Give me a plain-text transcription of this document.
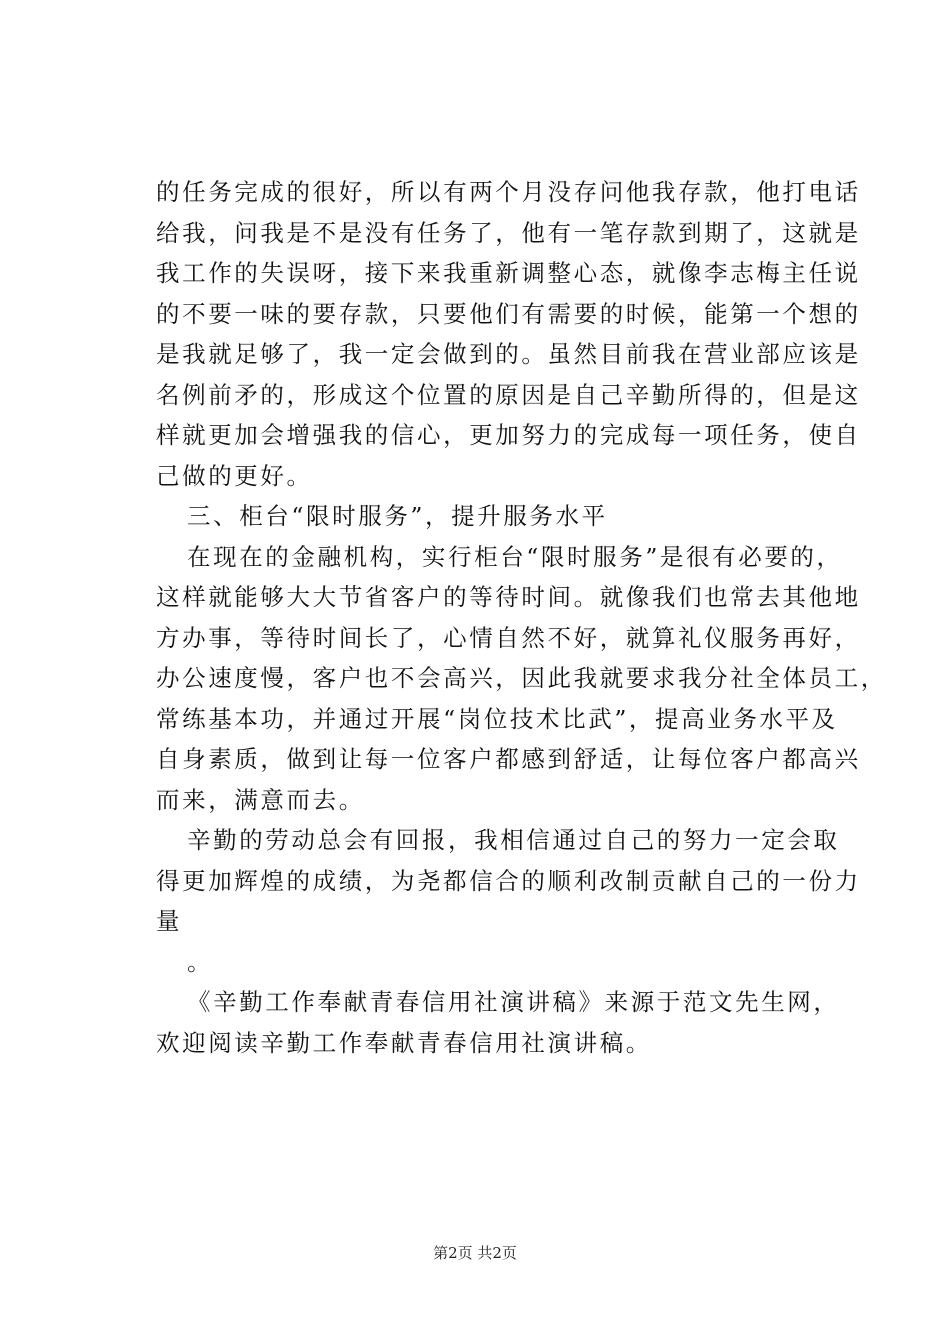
的任务完成的很好，所以有两个月没存问他我存款，他打电话
给我，问我是不是没有任务了，他有一笔存款到期了，这就是
我工作的失误呀，接下来我重新调整心态，就像李志梅主任说
的不要一味的要存款，只要他们有需要的时候，能第一个想的
是我就足够了，我一定会做到的。虽然目前我在营业部应该是
名例前矛的，形成这个位置的原因是自己辛勤所得的，但是这
样就更加会增强我的信心，更加努力的完成每一项任务，使自
己做的更好。
三、柜台“限时服务”，提升服务水平
在现在的金融机构，实行柜台“限时服务”是很有必要的，
这样就能够大大节省客户的等待时间。就像我们也常去其他地
方办事，等待时间长了，心情自然不好，就算礼仪服务再好，
办公速度慢，客户也不会高兴，因此我就要求我分社全体员工，
常练基本功，并通过开展“岗位技术比武”，提高业务水平及
自身素质，做到让每一位客户都感到舒适，让每位客户都高兴
而来，满意而去。
辛勤的劳动总会有回报，我相信通过自己的努力一定会取
得更加辉煌的成绩，为尧都信合的顺利改制贡献自己的一份力
量
。
《辛勤工作奉献青春信用社演讲稿》来源于范文先生网，
欢迎阅读辛勤工作奉献青春信用社演讲稿。
第2页 共2页
